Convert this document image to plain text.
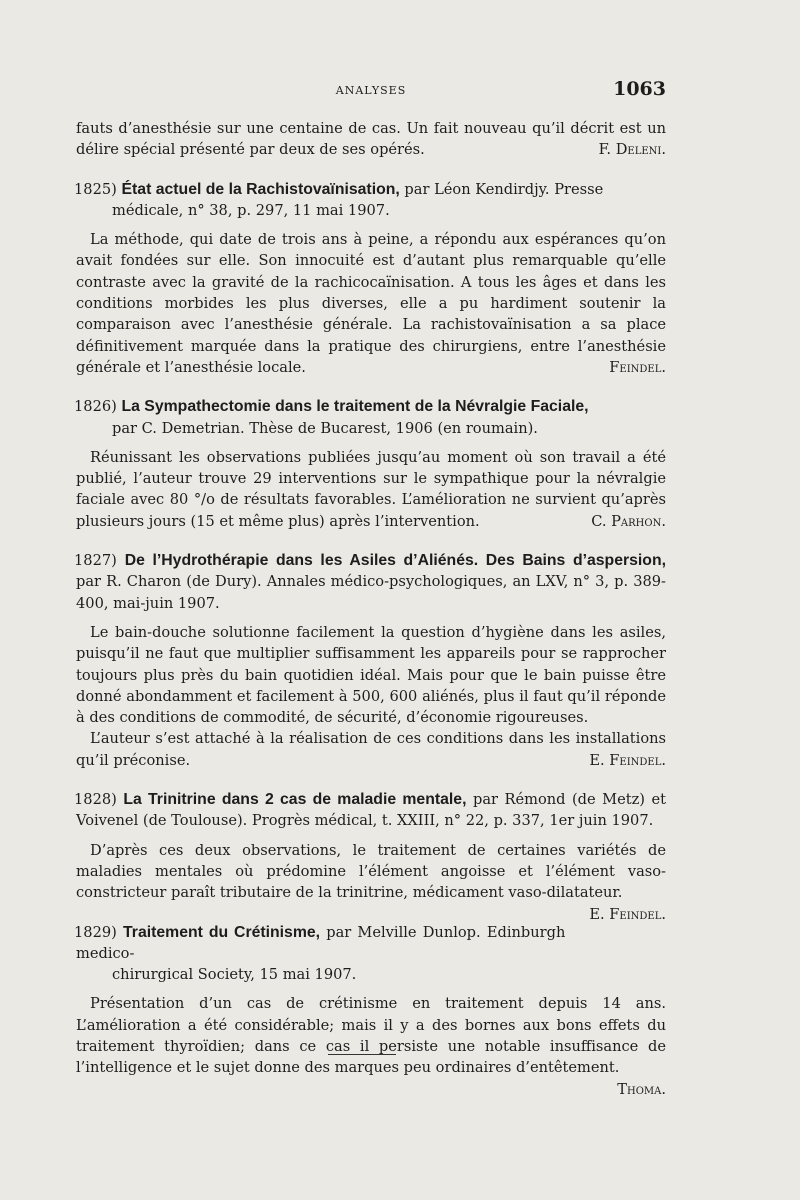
ANALYSES	1063

fauts d’anesthésie sur une centaine de cas. Un fait nouveau qu’il décrit est un délire spécial présenté par deux de ses opérés.	F. Deleni.

1825) État actuel de la Rachistovaïnisation, par Léon Kendirdjy. Presse
médicale, n° 38, p. 297, 11 mai 1907.

La méthode, qui date de trois ans à peine, a répondu aux espérances qu’on avait fondées sur elle. Son innocuité est d’autant plus remarquable qu’elle contraste avec la gravité de la rachicocaïnisation. A tous les âges et dans les conditions morbides les plus diverses, elle a pu hardiment soutenir la comparaison avec l’anesthésie générale. La rachistovaïnisation a sa place définitivement marquée dans la pratique des chirurgiens, entre l’anesthésie générale et l’anesthésie locale.	Feindel.

1826) La Sympathectomie dans le traitement de la Névralgie Faciale,
par C. Demetrian. Thèse de Bucarest, 1906 (en roumain).

Réunissant les observations publiées jusqu’au moment où son travail a été publié, l’auteur trouve 29 interventions sur le sympathique pour la névralgie faciale avec 80 °/o de résultats favorables. L’amélioration ne survient qu’après plusieurs jours (15 et même plus) après l’intervention.	C. Parhon.

1827) De l’Hydrothérapie dans les Asiles d’Aliénés. Des Bains d’aspersion, par R. Charon (de Dury). Annales médico-psychologiques, an LXV, n° 3, p. 389-400, mai-juin 1907.

Le bain-douche solutionne facilement la question d’hygiène dans les asiles, puisqu’il ne faut que multiplier suffisamment les appareils pour se rapprocher toujours plus près du bain quotidien idéal. Mais pour que le bain puisse être donné abondamment et facilement à 500, 600 aliénés, plus il faut qu’il réponde à des conditions de commodité, de sécurité, d’économie rigoureuses.

L’auteur s’est attaché à la réalisation de ces conditions dans les installations qu’il préconise.	E. Feindel.

1828) La Trinitrine dans 2 cas de maladie mentale, par Rémond (de Metz) et Voivenel (de Toulouse). Progrès médical, t. XXIII, n° 22, p. 337, 1er juin 1907.

D’après ces deux observations, le traitement de certaines variétés de maladies mentales où prédomine l’élément angoisse et l’élément vaso-constricteur paraît tributaire de la trinitrine, médicament vaso-dilatateur.
E. Feindel.

1829) Traitement du Crétinisme, par Melville Dunlop. Edinburgh medico-
chirurgical Society, 15 mai 1907.

Présentation d’un cas de crétinisme en traitement depuis 14 ans. L’amélioration a été considérable; mais il y a des bornes aux bons effets du traitement thyroïdien; dans ce cas il persiste une notable insuffisance de l’intelligence et le sujet donne des marques peu ordinaires d’entêtement.
Thoma.
